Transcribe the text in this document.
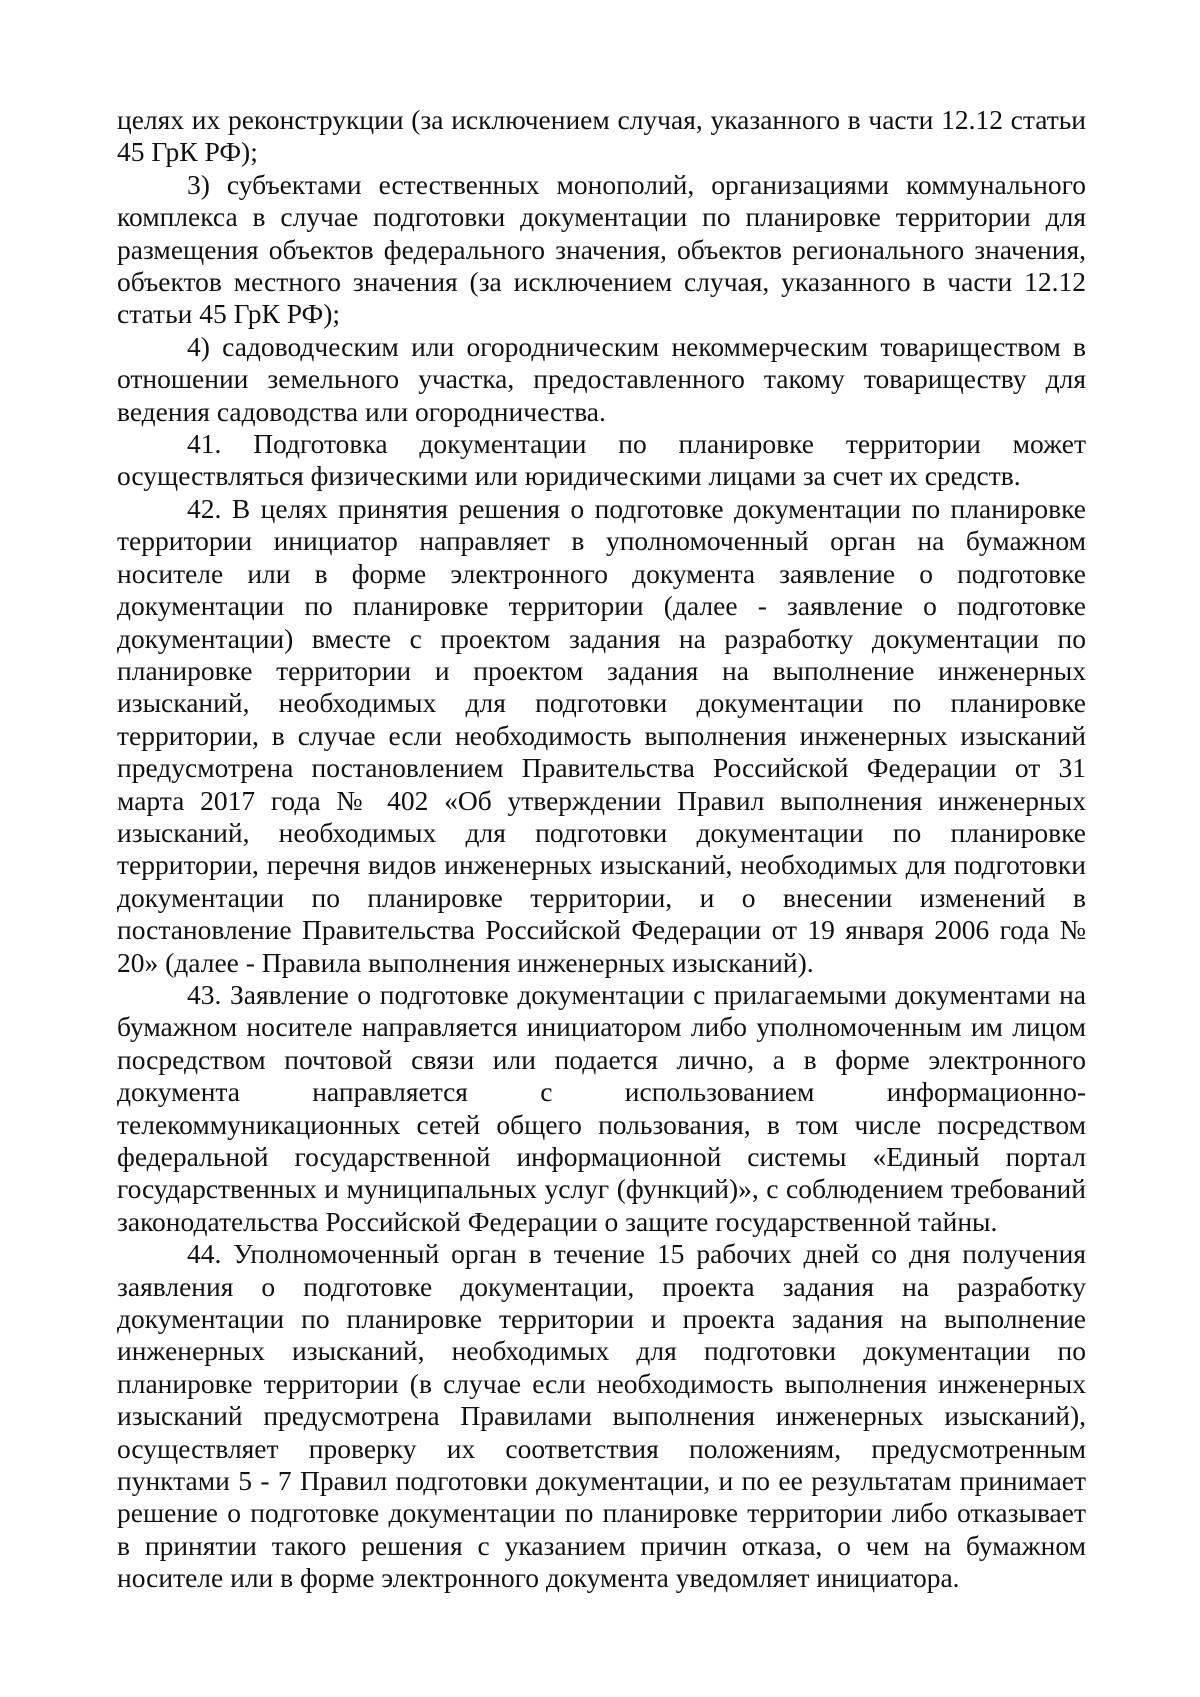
целях их реконструкции (за исключением случая, указанного в части 12.12 статьи 45 ГрК РФ);

3) субъектами естественных монополий, организациями коммунального комплекса в случае подготовки документации по планировке территории для размещения объектов федерального значения, объектов регионального значения, объектов местного значения (за исключением случая, указанного в части 12.12 статьи 45 ГрК РФ);

4) садоводческим или огородническим некоммерческим товариществом в отношении земельного участка, предоставленного такому товариществу для ведения садоводства или огородничества.

41. Подготовка документации по планировке территории может осуществляться физическими или юридическими лицами за счет их средств.

42. В целях принятия решения о подготовке документации по планировке территории инициатор направляет в уполномоченный орган на бумажном носителе или в форме электронного документа заявление о подготовке документации по планировке территории (далее - заявление о подготовке документации) вместе с проектом задания на разработку документации по планировке территории и проектом задания на выполнение инженерных изысканий, необходимых для подготовки документации по планировке территории, в случае если необходимость выполнения инженерных изысканий предусмотрена постановлением Правительства Российской Федерации от 31 марта 2017 года № 402 «Об утверждении Правил выполнения инженерных изысканий, необходимых для подготовки документации по планировке территории, перечня видов инженерных изысканий, необходимых для подготовки документации по планировке территории, и о внесении изменений в постановление Правительства Российской Федерации от 19 января 2006 года № 20» (далее - Правила выполнения инженерных изысканий).

43. Заявление о подготовке документации с прилагаемыми документами на бумажном носителе направляется инициатором либо уполномоченным им лицом посредством почтовой связи или подается лично, а в форме электронного документа направляется с использованием информационно-телекоммуникационных сетей общего пользования, в том числе посредством федеральной государственной информационной системы «Единый портал государственных и муниципальных услуг (функций)», с соблюдением требований законодательства Российской Федерации о защите государственной тайны.

44. Уполномоченный орган в течение 15 рабочих дней со дня получения заявления о подготовке документации, проекта задания на разработку документации по планировке территории и проекта задания на выполнение инженерных изысканий, необходимых для подготовки документации по планировке территории (в случае если необходимость выполнения инженерных изысканий предусмотрена Правилами выполнения инженерных изысканий), осуществляет проверку их соответствия положениям, предусмотренным пунктами 5 - 7 Правил подготовки документации, и по ее результатам принимает решение о подготовке документации по планировке территории либо отказывает в принятии такого решения с указанием причин отказа, о чем на бумажном носителе или в форме электронного документа уведомляет инициатора.
